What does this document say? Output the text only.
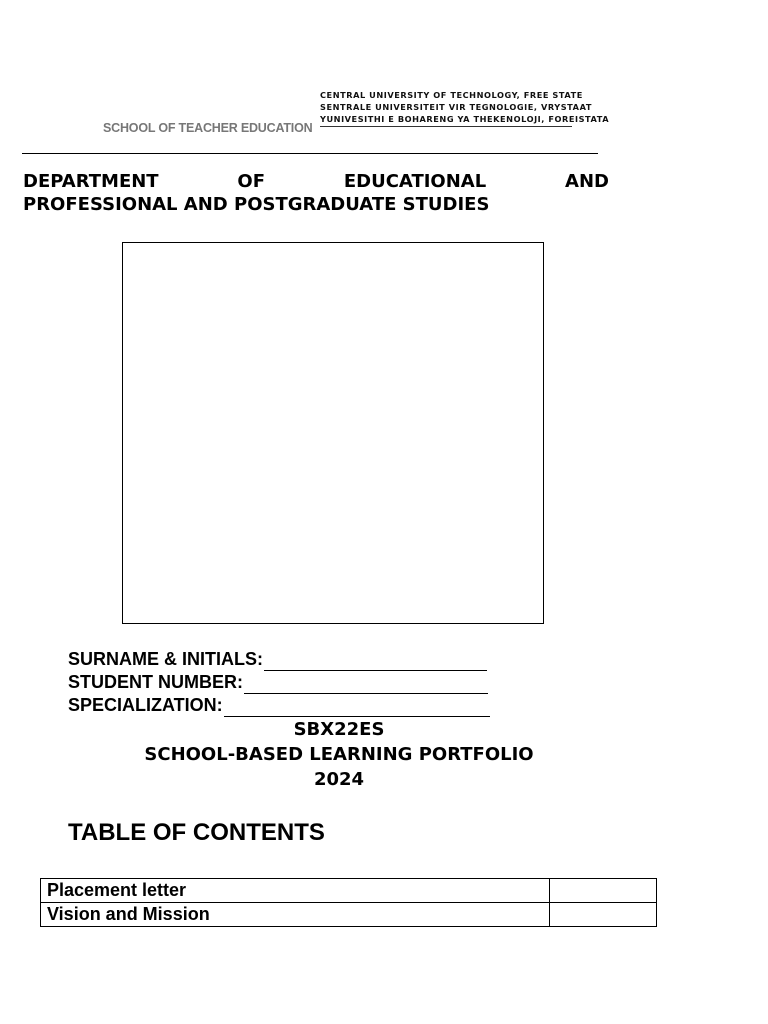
CENTRAL UNIVERSITY OF TECHNOLOGY, FREE STATE
SENTRALE UNIVERSITEIT VIR TEGNOLOGIE, VRYSTAAT
YUNIVESITHI E BOHARENG YA THEKENOLOJI, FOREISTATA
SCHOOL OF TEACHER EDUCATION
DEPARTMENT	OF	EDUCATIONAL	AND
PROFESSIONAL AND POSTGRADUATE STUDIES
SURNAME & INITIALS:
STUDENT NUMBER:
SPECIALIZATION:
SBX22ES
SCHOOL-BASED LEARNING PORTFOLIO
2024
TABLE OF CONTENTS
Placement letter	
Vision and Mission	
